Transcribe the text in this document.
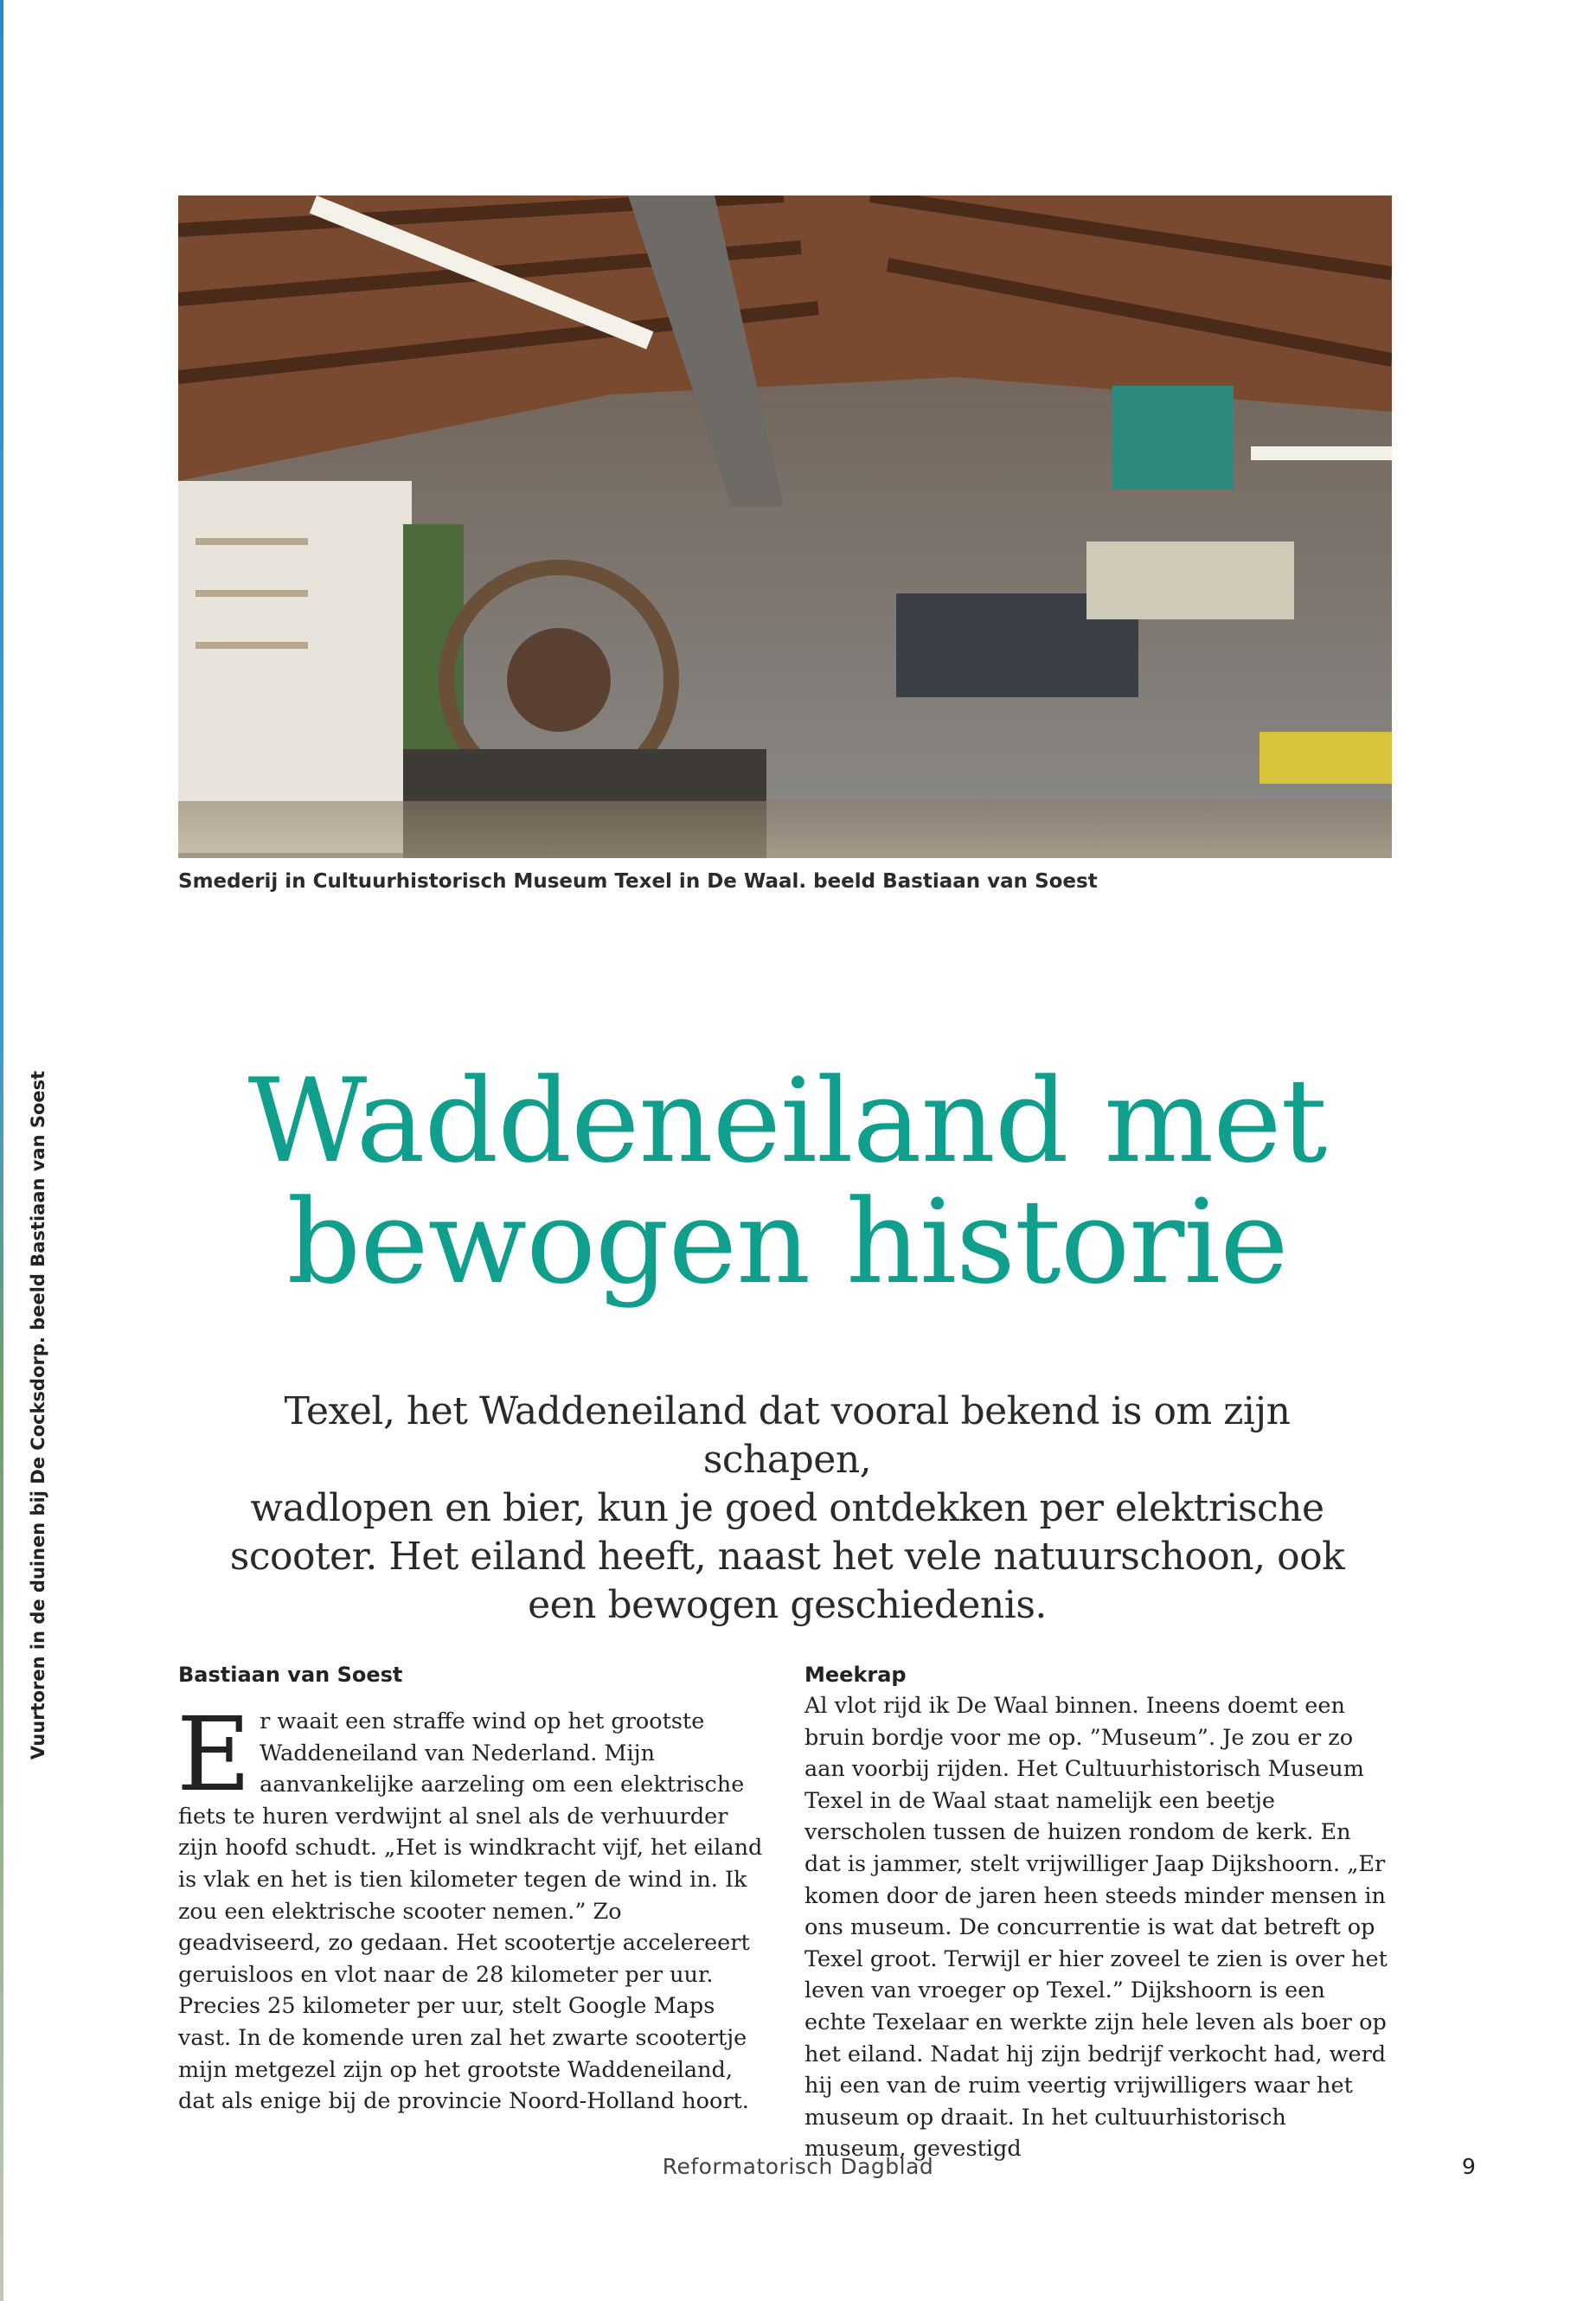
Vuurtoren in de duinen bij De Cocksdorp. beeld Bastiaan van Soest
Smederij in Cultuurhistorisch Museum Texel in De Waal. beeld Bastiaan van Soest
Waddeneiland met
bewogen historie
Texel, het Waddeneiland dat vooral bekend is om zijn schapen,
wadlopen en bier, kun je goed ontdekken per elektrische
scooter. Het eiland heeft, naast het vele natuurschoon, ook
een bewogen geschiedenis.

Bastiaan van Soest

E r waait een straffe wind op het grootste Waddeneiland van Nederland. Mijn aanvankelijke aarzeling om een elektrische fiets te huren verdwijnt al snel als de verhuurder zijn hoofd schudt. „Het is windkracht vijf, het eiland is vlak en het is tien kilometer tegen de wind in. Ik zou een elektrische scooter nemen.” Zo geadviseerd, zo gedaan. Het scootertje accelereert geruisloos en vlot naar de 28 kilometer per uur. Precies 25 kilometer per uur, stelt Google Maps vast. In de komende uren zal het zwarte scootertje mijn metgezel zijn op het grootste Waddeneiland, dat als enige bij de provincie Noord-Holland hoort.

Meekrap

Al vlot rijd ik De Waal binnen. Ineens doemt een bruin bordje voor me op. ”Museum”. Je zou er zo aan voorbij rijden. Het Cultuurhistorisch Museum Texel in de Waal staat namelijk een beetje verscholen tussen de huizen rondom de kerk. En dat is jammer, stelt vrijwilliger Jaap Dijkshoorn. „Er komen door de jaren heen steeds minder mensen in ons museum. De concurrentie is wat dat betreft op Texel groot. Terwijl er hier zoveel te zien is over het leven van vroeger op Texel.” Dijkshoorn is een echte Texelaar en werkte zijn hele leven als boer op het eiland. Nadat hij zijn bedrijf verkocht had, werd hij een van de ruim veertig vrijwilligers waar het museum op draait. In het cultuurhistorisch museum, gevestigd

Reformatorisch Dagblad	9
